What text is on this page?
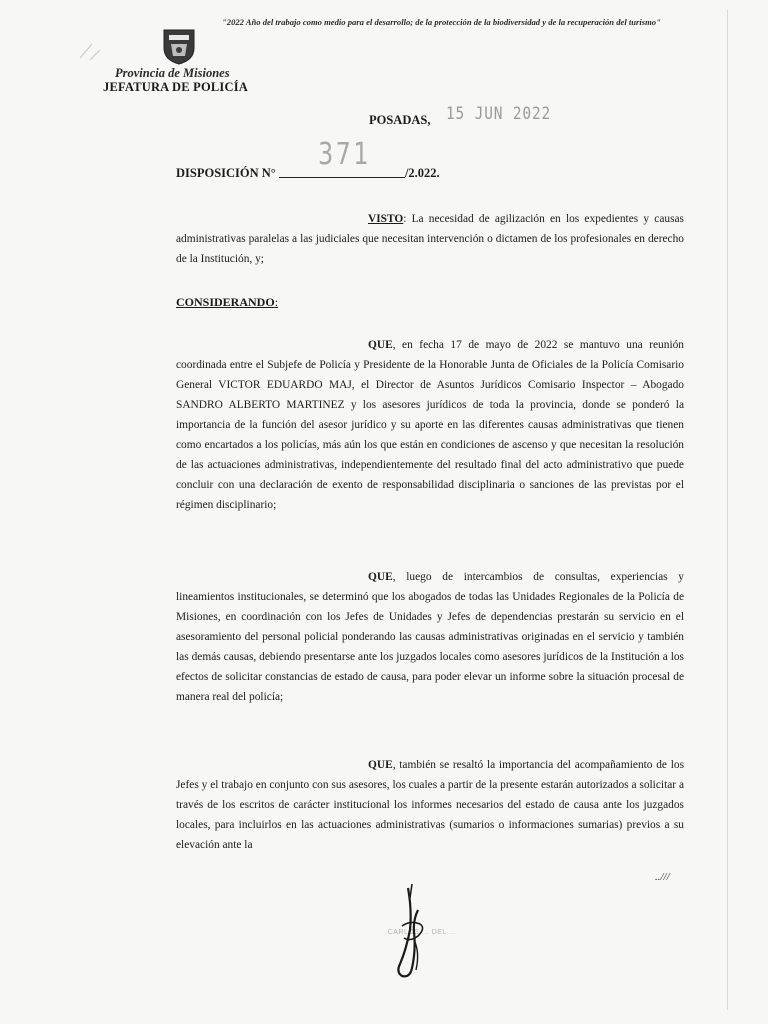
"2022 Año del trabajo como medio para el desarrollo; de la protección de la biodiversidad y de la recuperación del turismo"
Provincia de Misiones
JEFATURA DE POLICÍA
POSADAS, 15 JUN 2022
371
DISPOSICIÓN N°	/2.022.
VISTO: La necesidad de agilización en los expedientes y causas administrativas paralelas a las judiciales que necesitan intervención o dictamen de los profesionales en derecho de la Institución, y;
CONSIDERANDO:
QUE, en fecha 17 de mayo de 2022 se mantuvo una reunión coordinada entre el Subjefe de Policía y Presidente de la Honorable Junta de Oficiales de la Policía Comisario General VICTOR EDUARDO MAJ, el Director de Asuntos Jurídicos Comisario Inspector – Abogado SANDRO ALBERTO MARTINEZ y los asesores jurídicos de toda la provincia, donde se ponderó la importancia de la función del asesor jurídico y su aporte en las diferentes causas administrativas que tienen como encartados a los policías, más aún los que están en condiciones de ascenso y que necesitan la resolución de las actuaciones administrativas, independientemente del resultado final del acto administrativo que puede concluir con una declaración de exento de responsabilidad disciplinaria o sanciones de las previstas por el régimen disciplinario;
QUE, luego de intercambios de consultas, experiencias y lineamientos institucionales, se determinó que los abogados de todas las Unidades Regionales de la Policía de Misiones, en coordinación con los Jefes de Unidades y Jefes de dependencias prestarán su servicio en el asesoramiento del personal policial ponderando las causas administrativas originadas en el servicio y también las demás causas, debiendo presentarse ante los juzgados locales como asesores jurídicos de la Institución a los efectos de solicitar constancias de estado de causa, para poder elevar un informe sobre la situación procesal de manera real del policía;
QUE, también se resaltó la importancia del acompañamiento de los Jefes y el trabajo en conjunto con sus asesores, los cuales a partir de la presente estarán autorizados a solicitar a través de los escritos de carácter institucional los informes necesarios del estado de causa ante los juzgados locales, para incluirlos en las actuaciones administrativas (sumarios o informaciones sumarias) previos a su elevación ante la
..///
CARLOS ... DEL ...
